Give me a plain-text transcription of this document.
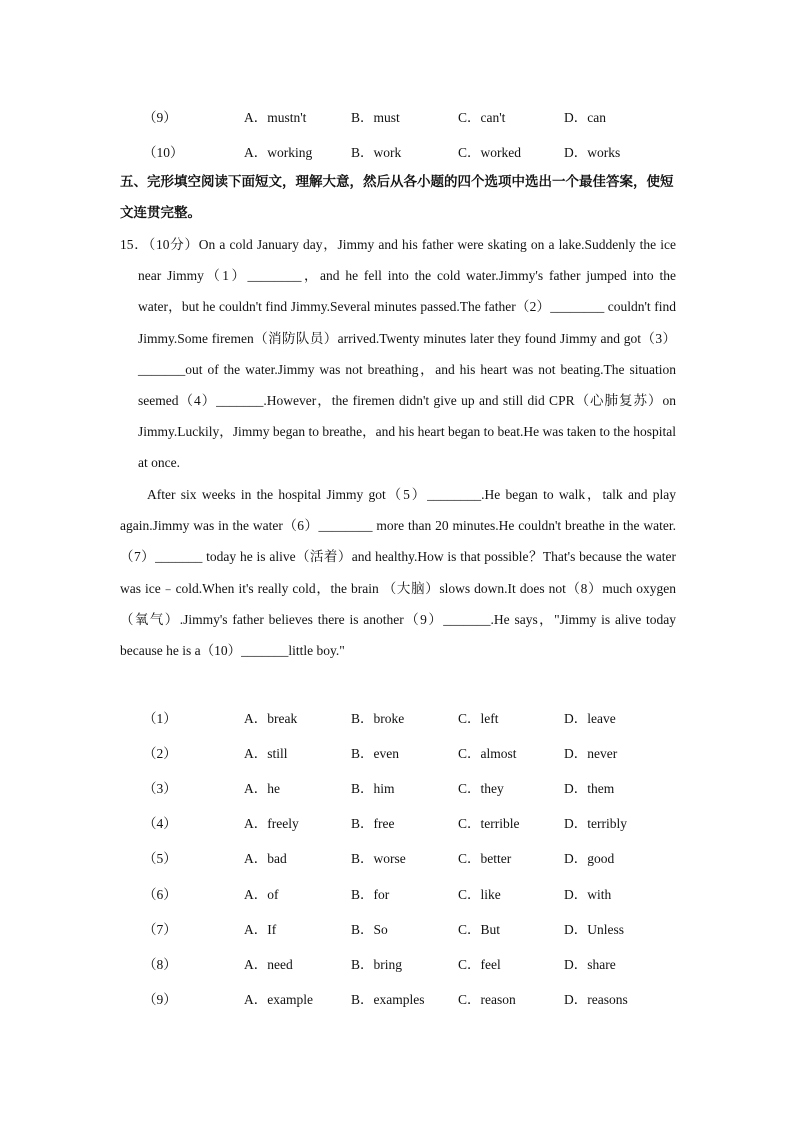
（9）	A．mustn't	B．must	C．can't	D．can
（10）	A．working	B．work	C．worked	D．works
五、完形填空阅读下面短文，理解大意，然后从各小题的四个选项中选出一个最佳答案，使短文连贯完整。
15．（10分）On a cold January day，Jimmy and his father were skating on a lake.Suddenly the ice near Jimmy（1）________，and he fell into the cold water.Jimmy's father jumped into the water，but he couldn't find Jimmy.Several minutes passed.The father（2）________ couldn't find Jimmy.Some firemen（消防队员）arrived.Twenty minutes later they found Jimmy and got（3）_______out of the water.Jimmy was not breathing，and his heart was not beating.The situation seemed（4）_______.However，the firemen didn't give up and still did CPR（心肺复苏）on Jimmy.Luckily，Jimmy began to breathe，and his heart began to beat.He was taken to the hospital at once.
After six weeks in the hospital Jimmy got（5）________.He began to walk，talk and play again.Jimmy was in the water（6）________ more than 20 minutes.He couldn't breathe in the water.（7）_______ today he is alive（活着）and healthy.How is that possible？That's because the water was ice﹣cold.When it's really cold，the brain （大脑）slows down.It does not（8）much oxygen（氧气）.Jimmy's father believes there is another（9）_______.He says，"Jimmy is alive today because he is a（10）_______little boy."
（1）	A．break	B．broke	C．left	D．leave
（2）	A．still	B．even	C．almost	D．never
（3）	A．he	B．him	C．they	D．them
（4）	A．freely	B．free	C．terrible	D．terribly
（5）	A．bad	B．worse	C．better	D．good
（6）	A．of	B．for	C．like	D．with
（7）	A．If	B．So	C．But	D．Unless
（8）	A．need	B．bring	C．feel	D．share
（9）	A．example	B．examples C．reason	D．reasons
